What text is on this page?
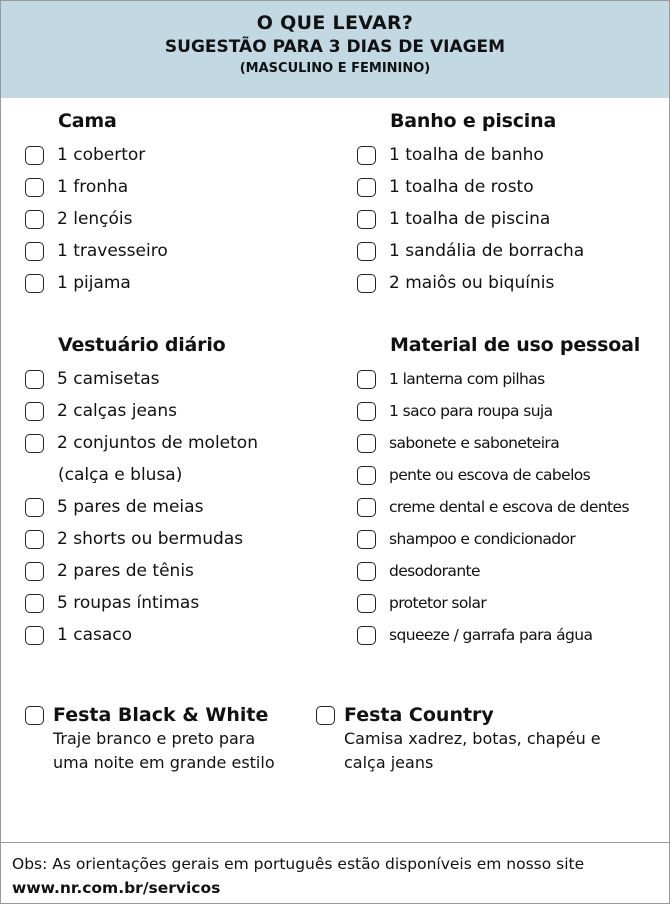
O QUE LEVAR?
SUGESTÃO PARA 3 DIAS DE VIAGEM
(MASCULINO E FEMININO)
Cama
1 cobertor
1 fronha
2 lençóis
1 travesseiro
1 pijama
Banho e piscina
1 toalha de banho
1 toalha de rosto
1 toalha de piscina
1 sandália de borracha
2 maiôs ou biquínis
Vestuário diário
5 camisetas
2 calças jeans
2 conjuntos de moleton
(calça e blusa)
5 pares de meias
2 shorts ou bermudas
2 pares de tênis
5 roupas íntimas
1 casaco
Material de uso pessoal
1 lanterna com pilhas
1 saco para roupa suja
sabonete e saboneteira
pente ou escova de cabelos
creme dental e escova de dentes
shampoo e condicionador
desodorante
protetor solar
squeeze / garrafa para água
Festa Black & White
Traje branco e preto para uma noite em grande estilo
Festa Country
Camisa xadrez, botas, chapéu e calça jeans
Obs: As orientações gerais em português estão disponíveis em nosso site
www.nr.com.br/servicos
